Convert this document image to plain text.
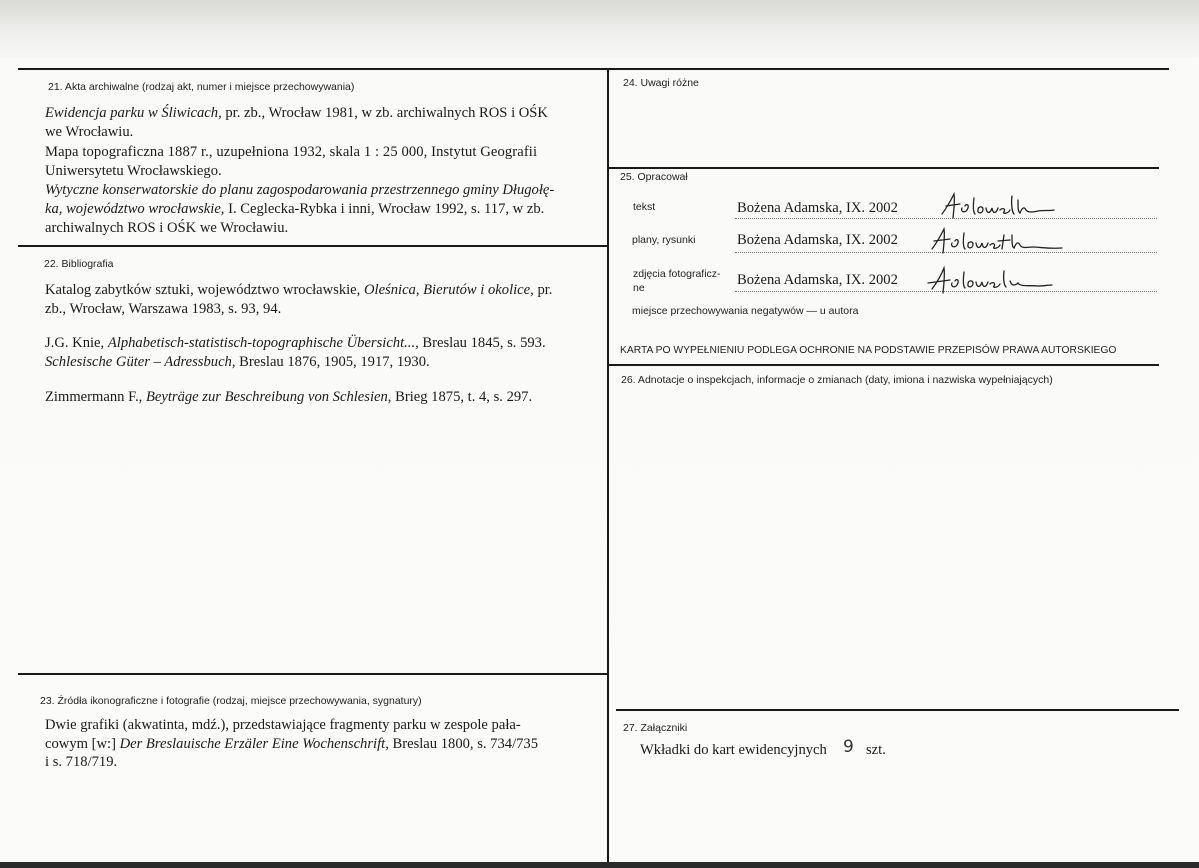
21. Akta archiwalne (rodzaj akt, numer i miejsce przechowywania)
Ewidencja parku w Śliwicach, pr. zb., Wrocław 1981, w zb. archiwalnych ROS i OŚK
we Wrocławiu.
Mapa topograficzna 1887 r., uzupełniona 1932, skala 1 : 25 000, Instytut Geografii
Uniwersytetu Wrocławskiego.
Wytyczne konserwatorskie do planu zagospodarowania przestrzennego gminy Długołę-
ka, województwo wrocławskie, I. Ceglecka-Rybka i inni, Wrocław 1992, s. 117, w zb.
archiwalnych ROS i OŚK we Wrocławiu.
22. Bibliografia
Katalog zabytków sztuki, województwo wrocławskie, Oleśnica, Bierutów i okolice, pr.
zb., Wrocław, Warszawa 1983, s. 93, 94.
J.G. Knie, Alphabetisch-statistisch-topographische Übersicht..., Breslau 1845, s. 593.
Schlesische Güter – Adressbuch, Breslau 1876, 1905, 1917, 1930.
Zimmermann F., Beyträge zur Beschreibung von Schlesien, Brieg 1875, t. 4, s. 297.
23. Źródła ikonograficzne i fotografie (rodzaj, miejsce przechowywania, sygnatury)
Dwie grafiki (akwatinta, mdź.), przedstawiające fragmenty parku w zespole pała-
cowym [w:] Der Breslauische Erzäler Eine Wochenschrift, Breslau 1800, s. 734/735
i s. 718/719.
24. Uwagi różne
25. Opracował
tekst	Bożena Adamska, IX. 2002
plany, rysunki	Bożena Adamska, IX. 2002
zdjęcia fotograficz-
ne	Bożena Adamska, IX. 2002
miejsce przechowywania negatywów — u autora
KARTA PO WYPEŁNIENIU PODLEGA OCHRONIE NA PODSTAWIE PRZEPISÓW PRAWA AUTORSKIEGO
26. Adnotacje o inspekcjach, informacje o zmianach (daty, imiona i nazwiska wypełniających)
27. Załączniki
Wkładki do kart ewidencyjnych 9 szt.
